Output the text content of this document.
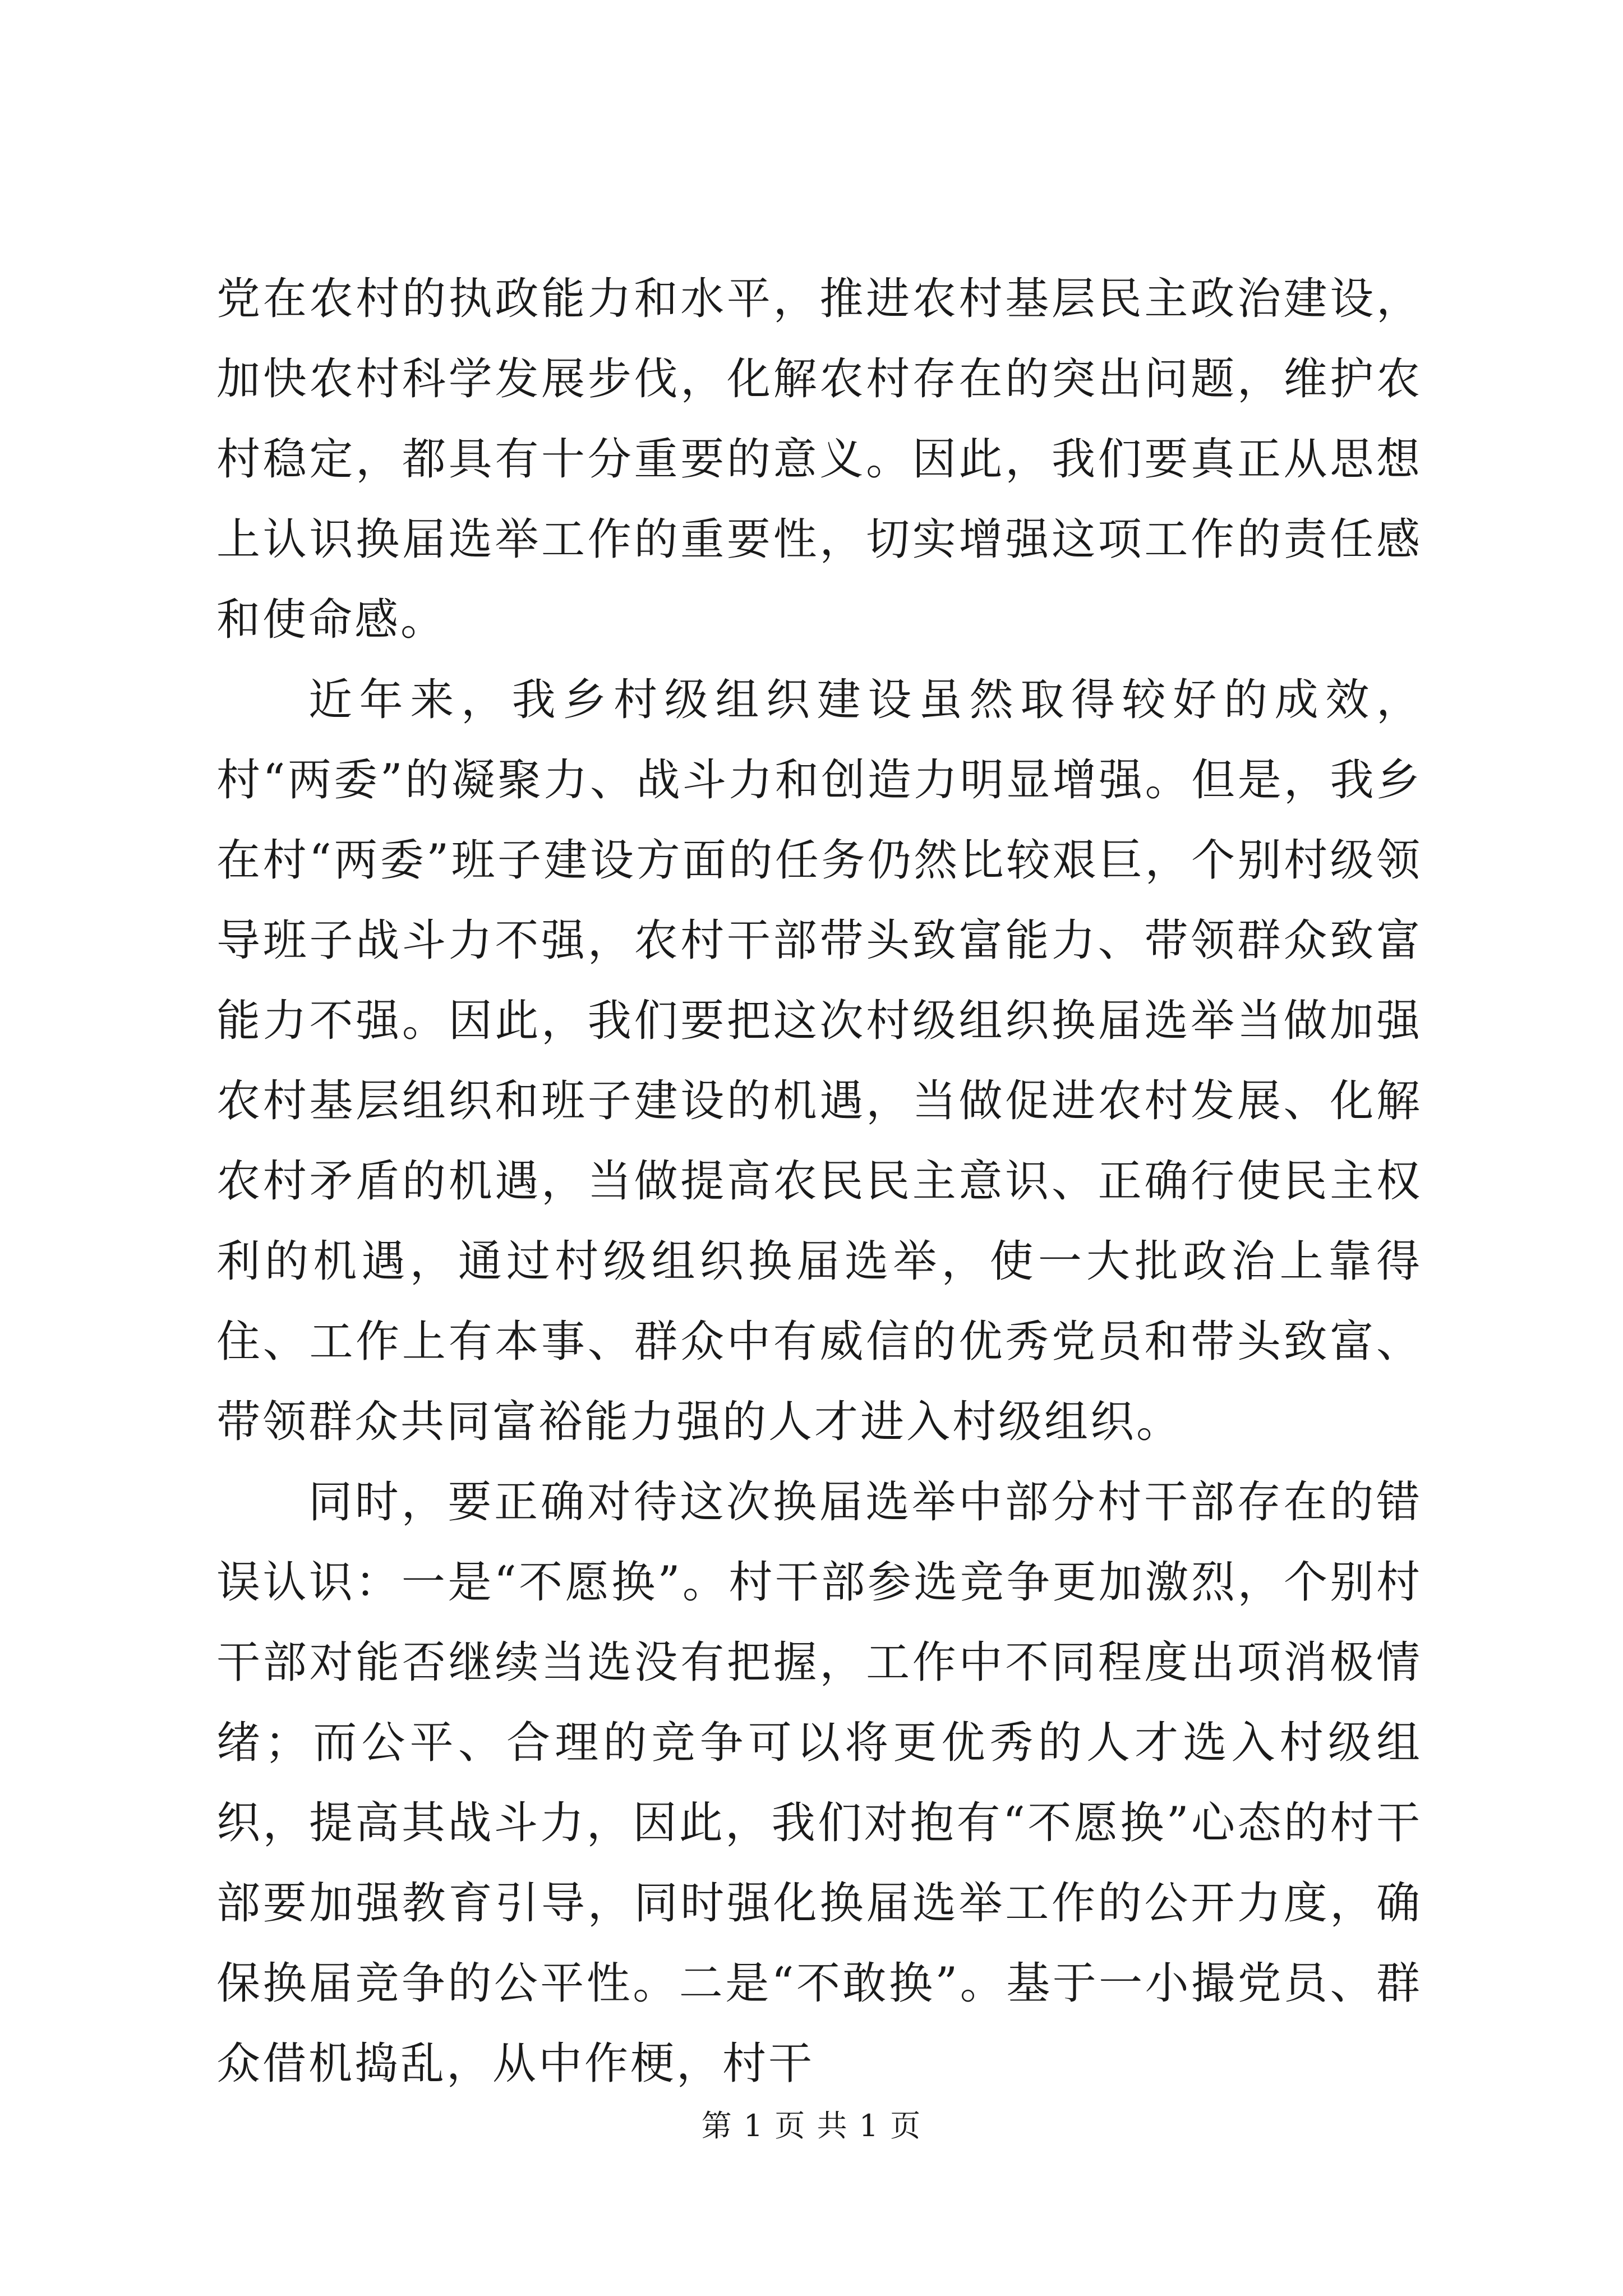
党在农村的执政能力和水平，推进农村基层民主政治建设，加快农村科学发展步伐，化解农村存在的突出问题，维护农村稳定，都具有十分重要的意义。因此，我们要真正从思想上认识换届选举工作的重要性，切实增强这项工作的责任感和使命感。

近年来，我乡村级组织建设虽然取得较好的成效，村“两委”的凝聚力、战斗力和创造力明显增强。但是，我乡在村“两委”班子建设方面的任务仍然比较艰巨，个别村级领导班子战斗力不强，农村干部带头致富能力、带领群众致富能力不强。因此，我们要把这次村级组织换届选举当做加强农村基层组织和班子建设的机遇，当做促进农村发展、化解农村矛盾的机遇，当做提高农民民主意识、正确行使民主权利的机遇，通过村级组织换届选举，使一大批政治上靠得住、工作上有本事、群众中有威信的优秀党员和带头致富、带领群众共同富裕能力强的人才进入村级组织。

同时，要正确对待这次换届选举中部分村干部存在的错误认识：一是“不愿换”。村干部参选竞争更加激烈，个别村干部对能否继续当选没有把握，工作中不同程度出项消极情绪；而公平、合理的竞争可以将更优秀的人才选入村级组织，提高其战斗力，因此，我们对抱有“不愿换”心态的村干部要加强教育引导，同时强化换届选举工作的公开力度，确保换届竞争的公平性。二是“不敢换”。基于一小撮党员、群众借机捣乱，从中作梗，村干

第 1 页 共 1 页
